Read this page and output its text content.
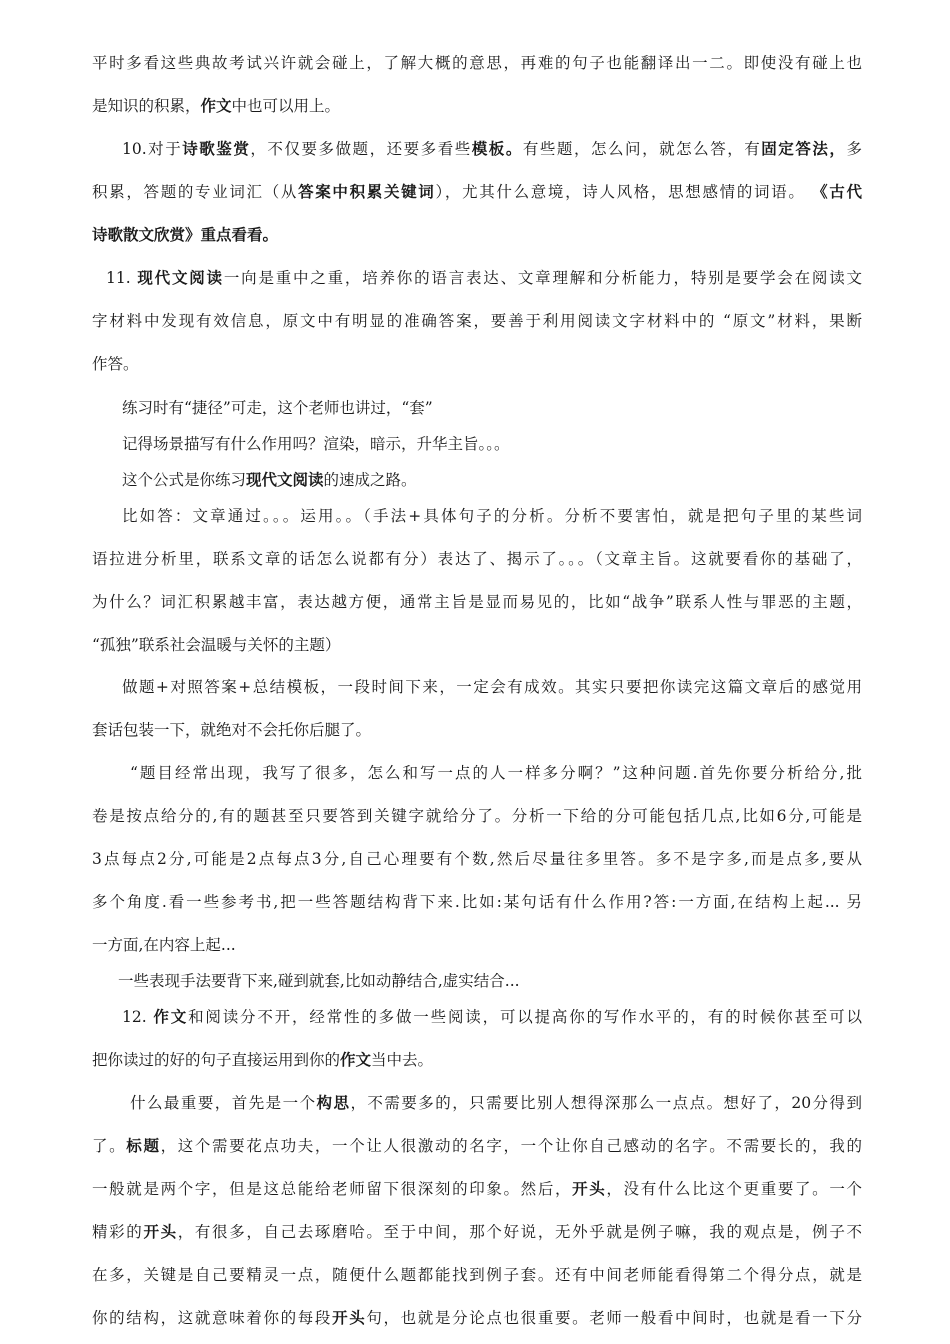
平时多看这些典故考试兴许就会碰上，了解大概的意思，再难的句子也能翻译出一二。即使没有碰上也
是知识的积累，作文中也可以用上。
10.对于诗歌鉴赏，不仅要多做题，还要多看些模板。有些题，怎么问，就怎么答，有固定答法，多
积累，答题的专业词汇（从答案中积累关键词），尤其什么意境，诗人风格，思想感情的词语。 《古代
诗歌散文欣赏》重点看看。
11. 现代文阅读一向是重中之重，培养你的语言表达、文章理解和分析能力，特别是要学会在阅读文
字材料中发现有效信息，原文中有明显的准确答案，要善于利用阅读文字材料中的 “原文”材料，果断
作答。
练习时有“捷径”可走，这个老师也讲过，“套”
记得场景描写有什么作用吗？渲染，暗示，升华主旨。。。
这个公式是你练习现代文阅读的速成之路。
比如答：文章通过。。。运用。。（手法+具体句子的分析。分析不要害怕，就是把句子里的某些词
语拉进分析里，联系文章的话怎么说都有分）表达了、揭示了。。。（文章主旨。这就要看你的基础了，
为什么？词汇积累越丰富，表达越方便，通常主旨是显而易见的，比如“战争”联系人性与罪恶的主题，
“孤独”联系社会温暖与关怀的主题）
做题+对照答案+总结模板，一段时间下来，一定会有成效。其实只要把你读完这篇文章后的感觉用
套话包装一下，就绝对不会托你后腿了。
“题目经常出现，我写了很多，怎么和写一点的人一样多分啊？”这种问题.首先你要分析给分,批
卷是按点给分的,有的题甚至只要答到关键字就给分了。分析一下给的分可能包括几点,比如6分,可能是
3点每点2分,可能是2点每点3分,自己心理要有个数,然后尽量往多里答。多不是字多,而是点多,要从
多个角度.看一些参考书,把一些答题结构背下来.比如:某句话有什么作用?答:一方面,在结构上起... 另
一方面,在内容上起...
一些表现手法要背下来,碰到就套,比如动静结合,虚实结合...
12. 作文和阅读分不开，经常性的多做一些阅读，可以提高你的写作水平的，有的时候你甚至可以
把你读过的好的句子直接运用到你的作文当中去。
什么最重要，首先是一个构思，不需要多的，只需要比别人想得深那么一点点。想好了，20分得到
了。标题，这个需要花点功夫，一个让人很激动的名字，一个让你自己感动的名字。不需要长的，我的
一般就是两个字，但是这总能给老师留下很深刻的印象。然后，开头，没有什么比这个更重要了。一个
精彩的开头，有很多，自己去琢磨哈。至于中间，那个好说，无外乎就是例子嘛，我的观点是，例子不
在多，关键是自己要精灵一点，随便什么题都能找到例子套。还有中间老师能看得第二个得分点，就是
你的结构，这就意味着你的每段开头句，也就是分论点也很重要。老师一般看中间时，也就是看一下分
